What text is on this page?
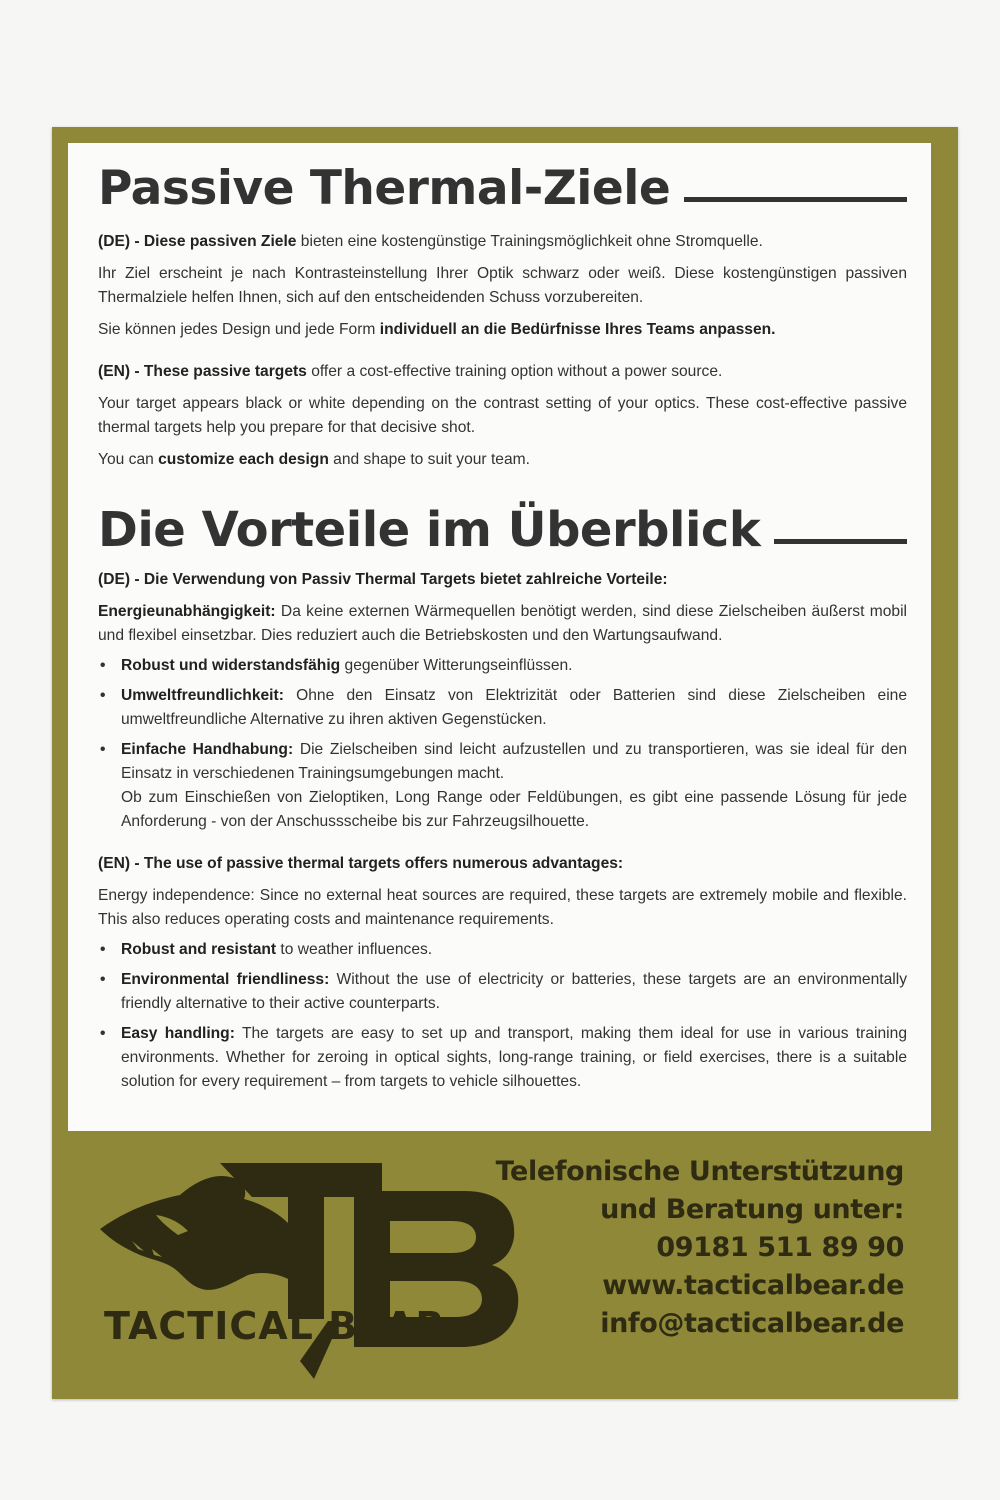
Passive Thermal-Ziele

(DE) - Diese passiven Ziele bieten eine kostengünstige Trainingsmöglichkeit ohne Stromquelle.

Ihr Ziel erscheint je nach Kontrasteinstellung Ihrer Optik schwarz oder weiß. Diese kostengünstigen passiven Thermalziele helfen Ihnen, sich auf den entscheidenden Schuss vorzubereiten.

Sie können jedes Design und jede Form individuell an die Bedürfnisse Ihres Teams anpassen.

(EN) - These passive targets offer a cost-effective training option without a power source.

Your target appears black or white depending on the contrast setting of your optics. These cost-effective passive thermal targets help you prepare for that decisive shot.

You can customize each design and shape to suit your team.

Die Vorteile im Überblick

(DE) - Die Verwendung von Passiv Thermal Targets bietet zahlreiche Vorteile:

Energieunabhängigkeit: Da keine externen Wärmequellen benötigt werden, sind diese Zielscheiben äußerst mobil und flexibel einsetzbar. Dies reduziert auch die Betriebskosten und den Wartungsaufwand.

• Robust und widerstandsfähig gegenüber Witterungseinflüssen.
• Umweltfreundlichkeit: Ohne den Einsatz von Elektrizität oder Batterien sind diese Zielscheiben eine umweltfreundliche Alternative zu ihren aktiven Gegenstücken.
• Einfache Handhabung: Die Zielscheiben sind leicht aufzustellen und zu transportieren, was sie ideal für den Einsatz in verschiedenen Trainingsumgebungen macht.
Ob zum Einschießen von Zieloptiken, Long Range oder Feldübungen, es gibt eine passende Lösung für jede Anforderung - von der Anschussscheibe bis zur Fahrzeugsilhouette.

(EN) - The use of passive thermal targets offers numerous advantages:

Energy independence: Since no external heat sources are required, these targets are extremely mobile and flexible. This also reduces operating costs and maintenance requirements.

• Robust and resistant to weather influences.
• Environmental friendliness: Without the use of electricity or batteries, these targets are an environmentally friendly alternative to their active counterparts.
• Easy handling: The targets are easy to set up and transport, making them ideal for use in various training environments. Whether for zeroing in optical sights, long-range training, or field exercises, there is a suitable solution for every requirement – from targets to vehicle silhouettes.
TACTICAL BEAR
Telefonische Unterstützung
und Beratung unter:
09181 511 89 90
www.tacticalbear.de
info@tacticalbear.de
